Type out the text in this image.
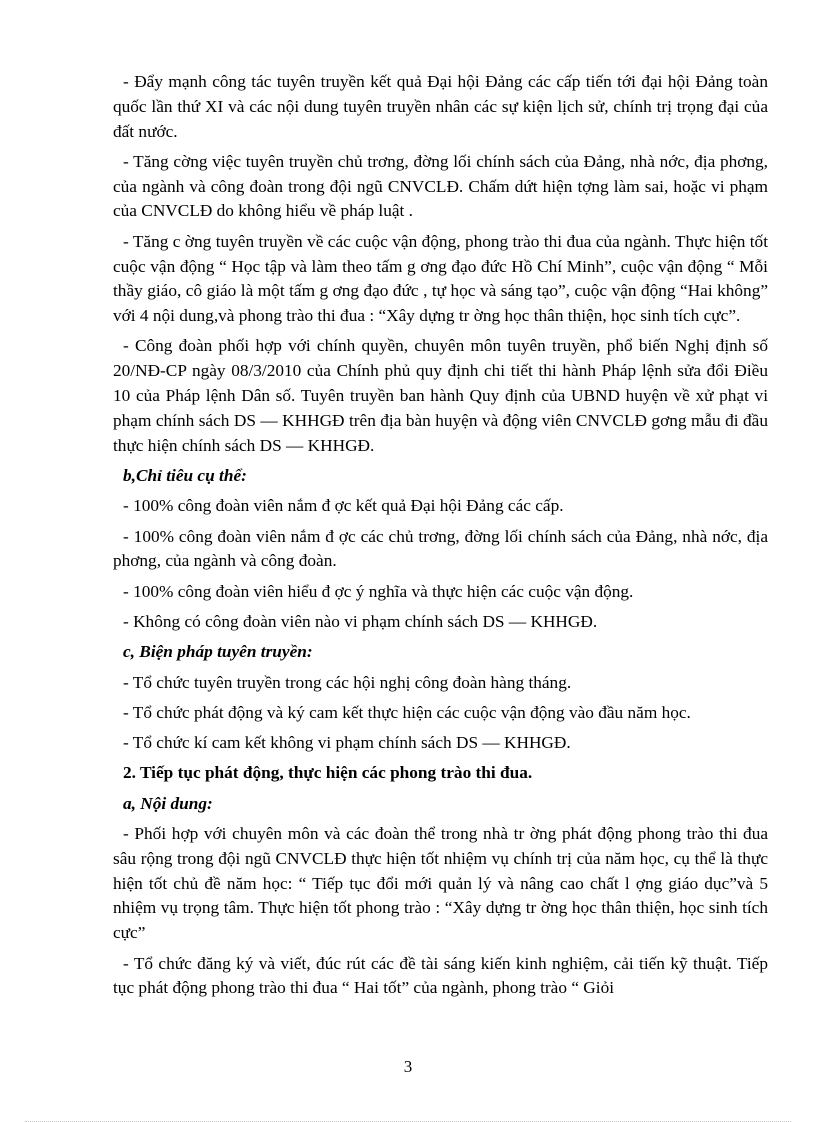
- Đẩy mạnh công tác tuyên truyền kết quả Đại hội Đảng các cấp tiến tới đại hội Đảng toàn quốc lần thứ XI và các nội dung tuyên truyền nhân các sự kiện lịch sử, chính trị trọng đại của đất nước.

- Tăng cờng việc tuyên truyền chủ trơng, đờng lối chính sách của Đảng, nhà nớc, địa phơng, của ngành và công đoàn trong đội ngũ CNVCLĐ. Chấm dứt hiện tợng làm sai, hoặc vi phạm của CNVCLĐ do không hiểu về pháp luật .

- Tăng c ờng tuyên truyền về các cuộc vận động, phong trào thi đua của ngành. Thực hiện tốt cuộc vận động “ Học tập và làm theo tấm g ơng đạo đức Hồ Chí Minh”, cuộc vận động “ Mỗi thầy giáo, cô giáo là một tấm g ơng đạo đức , tự học và sáng tạo”, cuộc vận động “Hai không” với 4 nội dung,và phong trào thi đua : “Xây dựng tr ờng học thân thiện, học sinh tích cực”.

- Công đoàn phối hợp với chính quyền, chuyên môn tuyên truyền, phổ biến Nghị định số 20/NĐ-CP ngày 08/3/2010 của Chính phủ quy định chi tiết thi hành Pháp lệnh sửa đổi Điều 10 của Pháp lệnh Dân số. Tuyên truyền ban hành Quy định của UBND huyện về xử phạt vi phạm chính sách DS — KHHGĐ trên địa bàn huyện và động viên CNVCLĐ gơng mẫu đi đầu thực hiện chính sách DS — KHHGĐ.

b,Chỉ tiêu cụ thể:

- 100% công đoàn viên nắm đ ợc kết quả Đại hội Đảng các cấp.

- 100% công đoàn viên nắm đ ợc các chủ trơng, đờng lối chính sách của Đảng, nhà nớc, địa phơng, của ngành và công đoàn.

- 100% công đoàn viên hiểu đ ợc ý nghĩa và thực hiện các cuộc vận động.

- Không có công đoàn viên nào vi phạm chính sách DS — KHHGĐ.

c, Biện pháp tuyên truyền:

- Tổ chức tuyên truyền trong các hội nghị công đoàn hàng tháng.

- Tổ chức phát động và ký cam kết thực hiện các cuộc vận động vào đầu năm học.

- Tổ chức kí cam kết không vi phạm chính sách DS — KHHGĐ.

2. Tiếp tục phát động, thực hiện các phong trào thi đua.

a, Nội dung:

- Phối hợp với chuyên môn và các đoàn thể trong nhà tr ờng phát động phong trào thi đua sâu rộng trong đội ngũ CNVCLĐ thực hiện tốt nhiệm vụ chính trị của năm học, cụ thể là thực hiện tốt chủ đề năm học: “ Tiếp tục đổi mới quản lý và nâng cao chất l ợng giáo dục”và 5 nhiệm vụ trọng tâm. Thực hiện tốt phong trào : “Xây dựng tr ờng học thân thiện, học sinh tích cực”

- Tổ chức đăng ký và viết, đúc rút các đề tài sáng kiến kinh nghiệm, cải tiến kỹ thuật. Tiếp tục phát động phong trào thi đua “ Hai tốt” của ngành, phong trào “ Giỏi

3
